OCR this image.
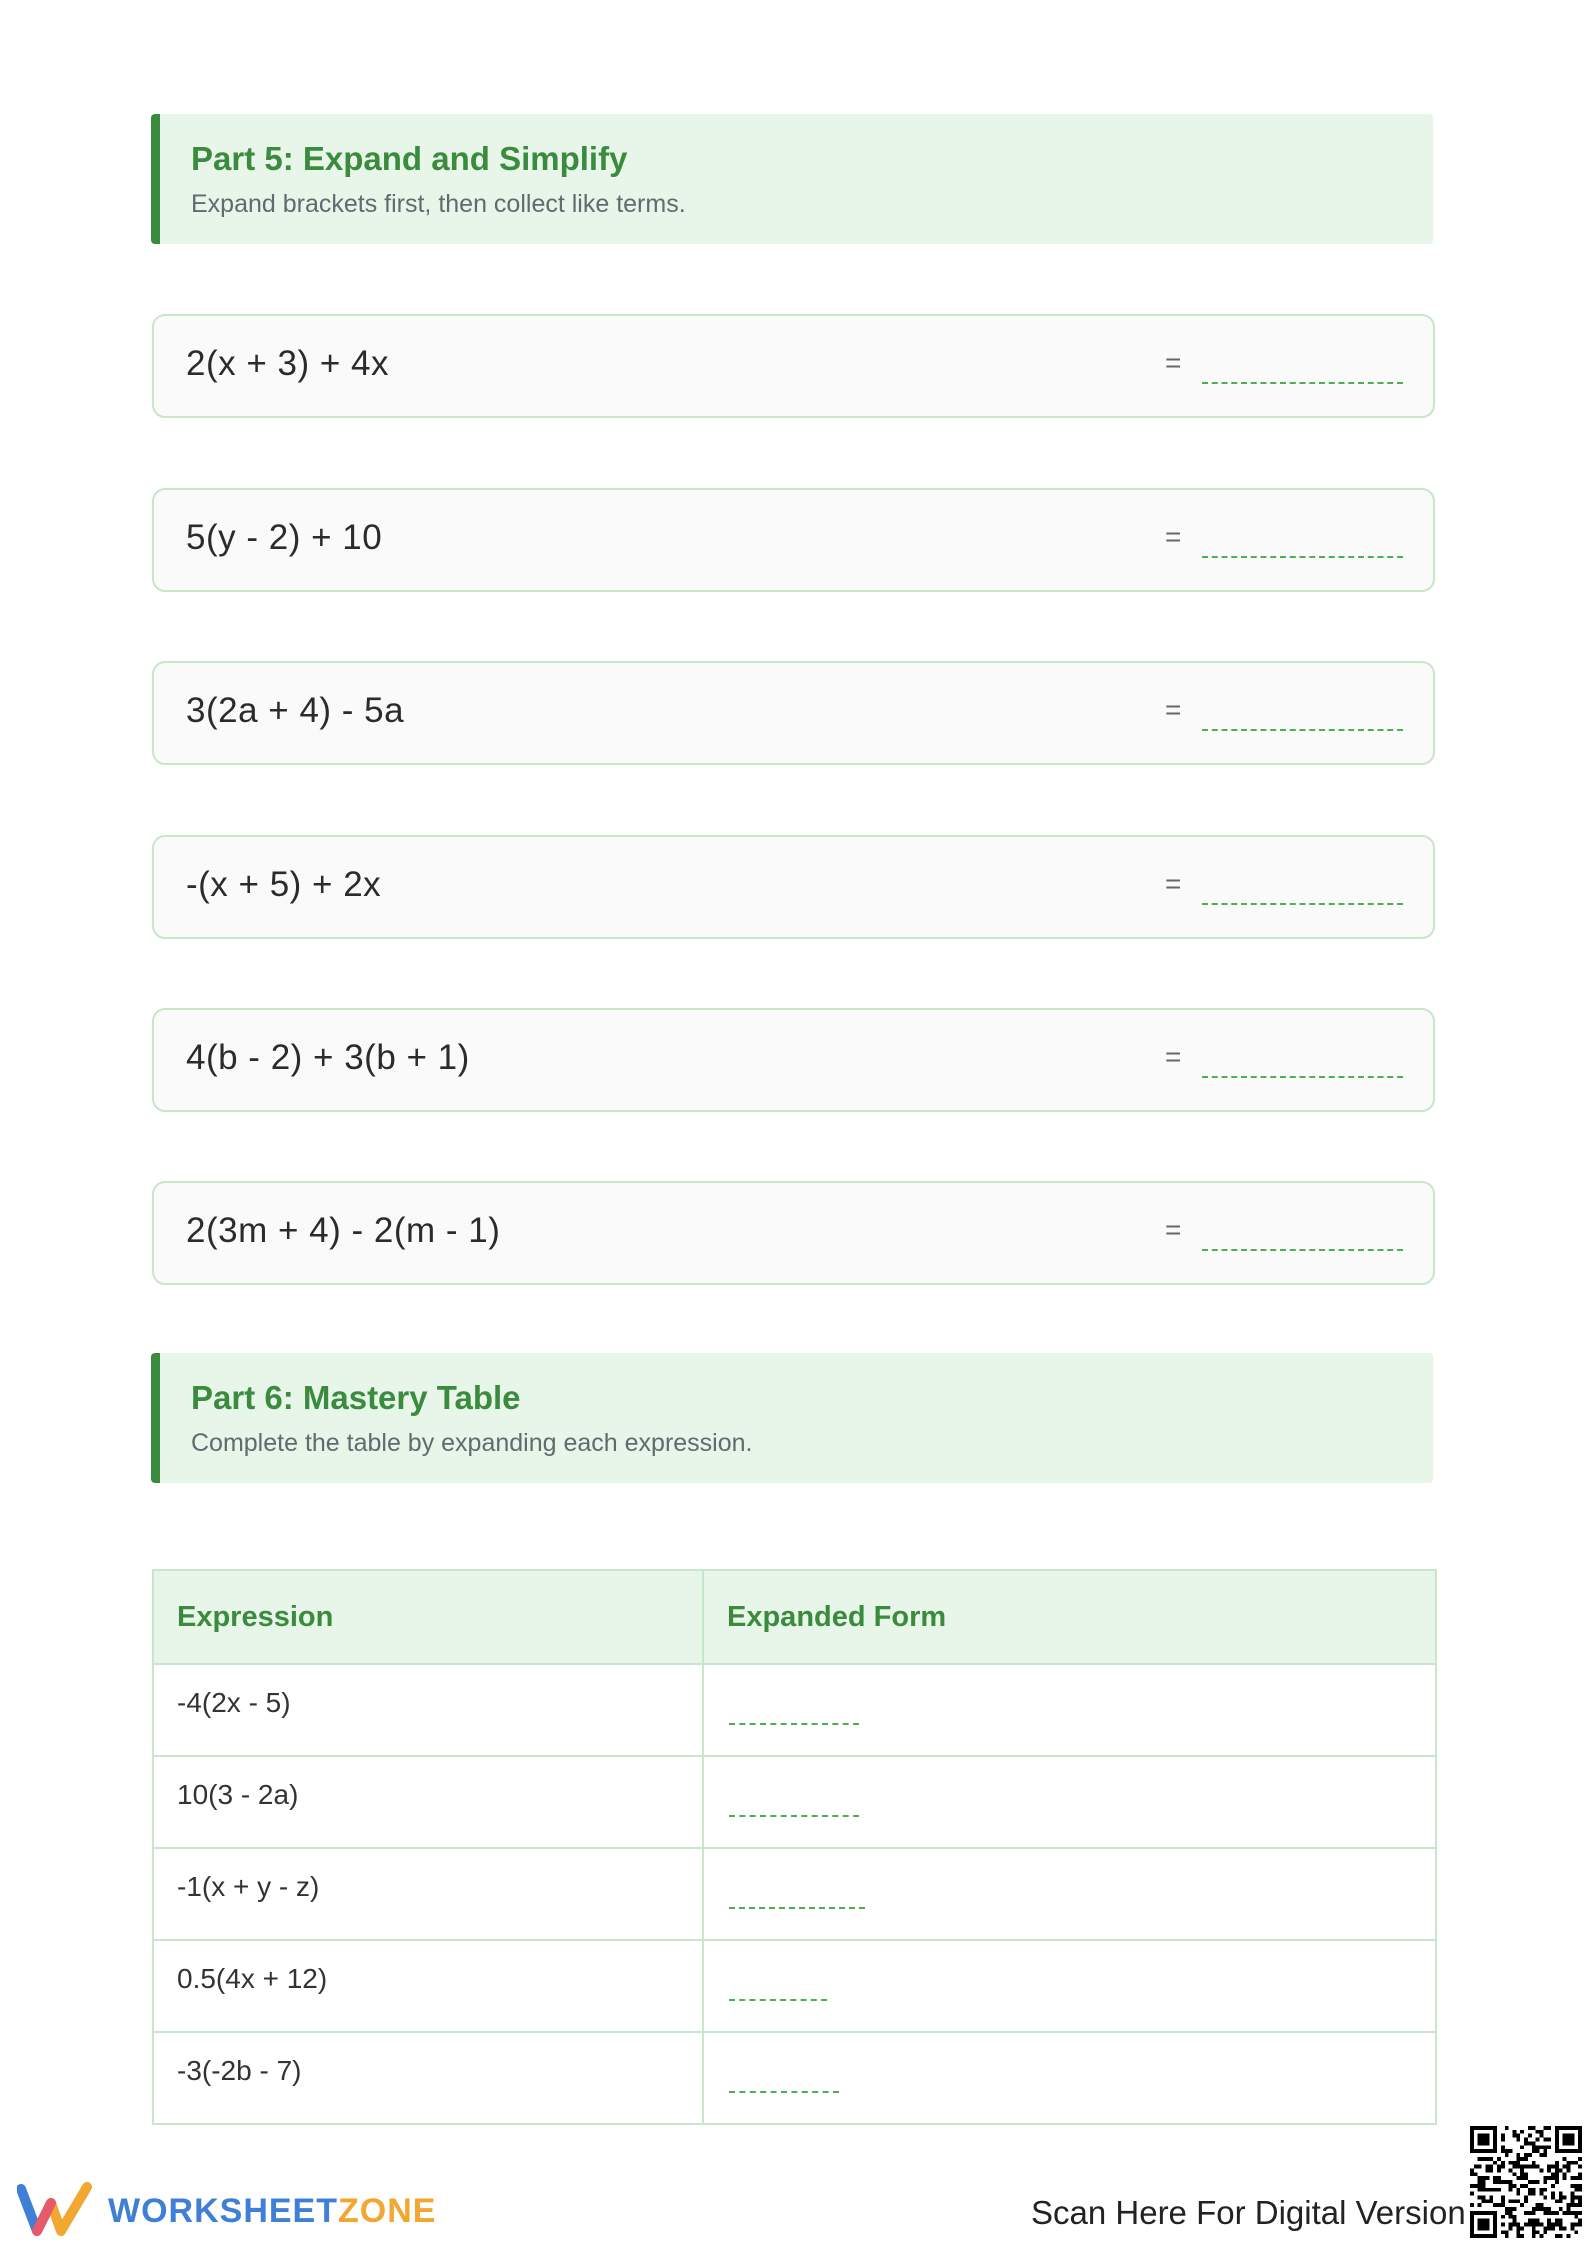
Part 5: Expand and Simplify
Expand brackets first, then collect like terms.
2(x + 3) + 4x	=
5(y - 2) + 10	=
3(2a + 4) - 5a	=
-(x + 5) + 2x	=
4(b - 2) + 3(b + 1)	=
2(3m + 4) - 2(m - 1)	=
Part 6: Mastery Table
Complete the table by expanding each expression.
Expression	Expanded Form
-4(2x - 5)	

10(3 - 2a)	

-1(x + y - z)	

0.5(4x + 12)	

-3(-2b - 7)	
WORKSHEETZONE	Scan Here For Digital Version
